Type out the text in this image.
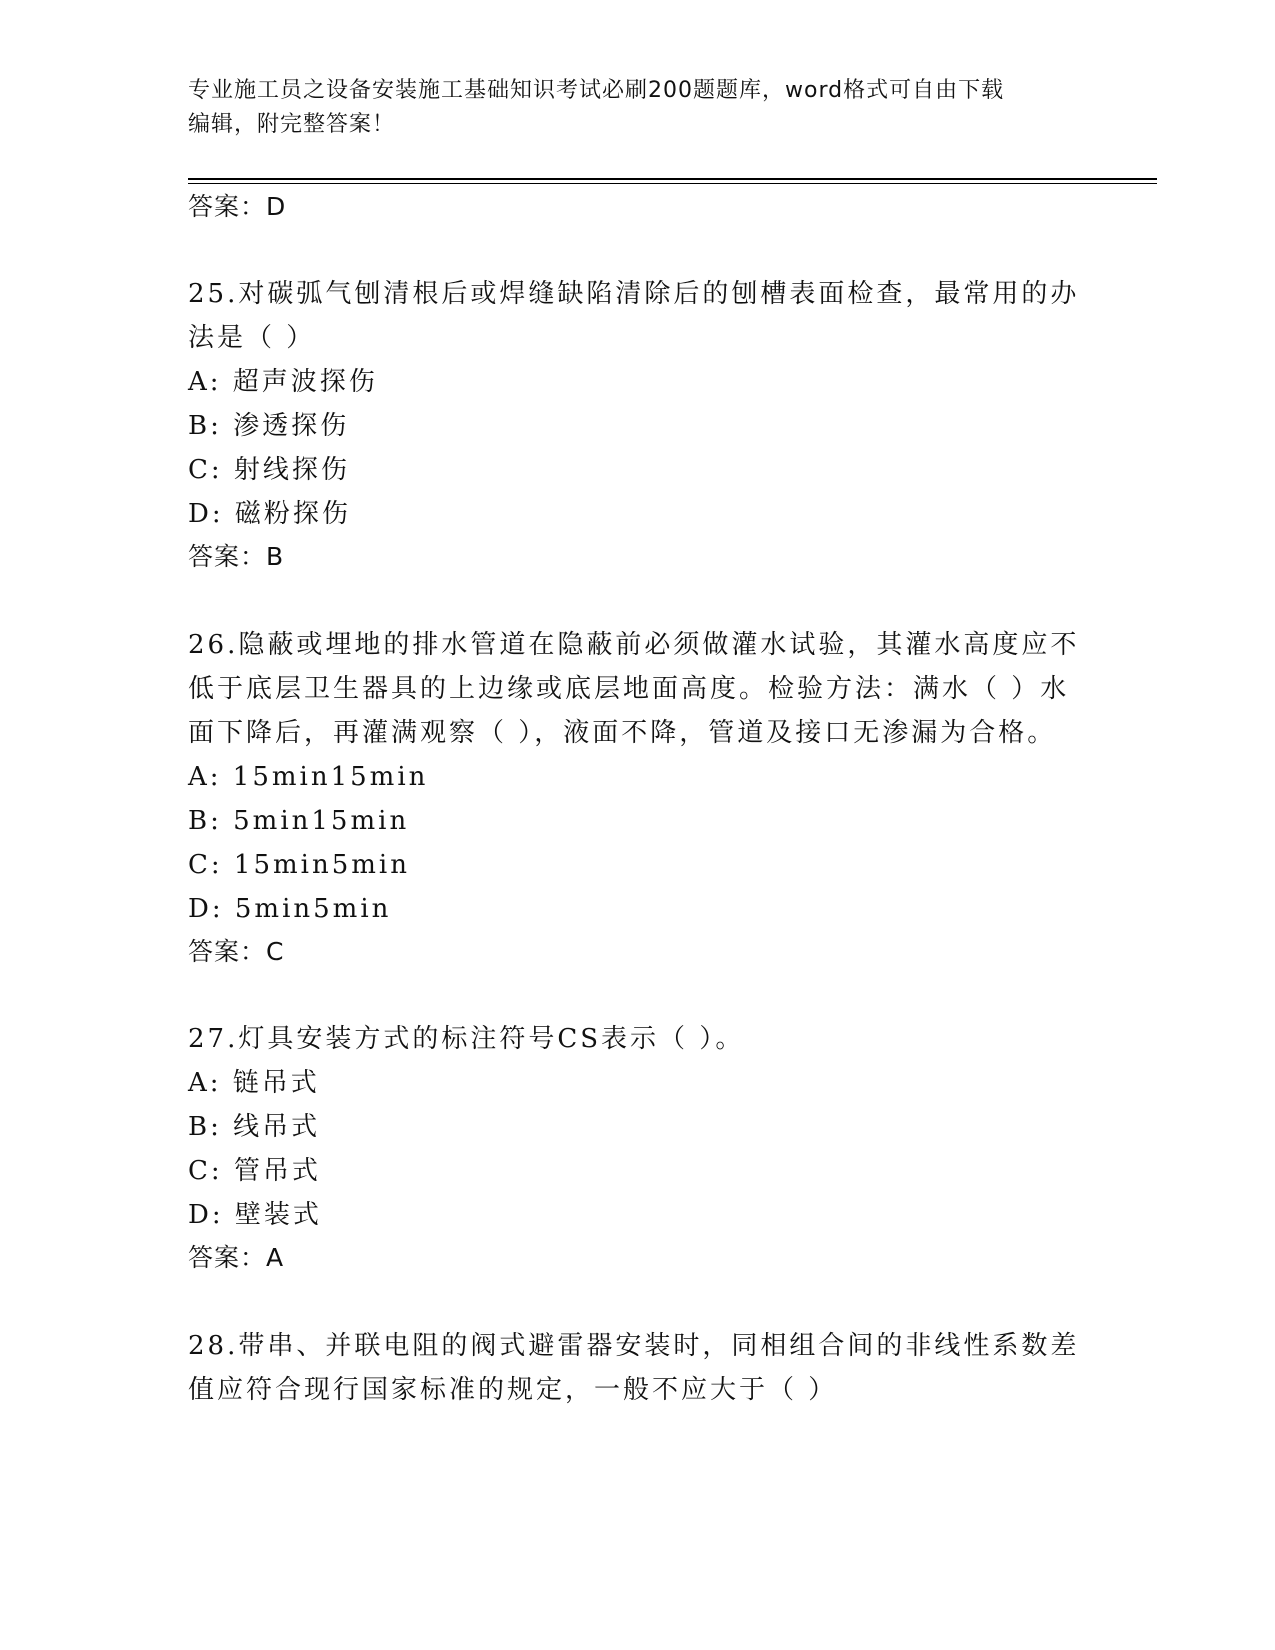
专业施工员之设备安装施工基础知识考试必刷200题题库，word格式可自由下载
编辑，附完整答案！
答案：D
25.对碳弧气刨清根后或焊缝缺陷清除后的刨槽表面检查，最常用的办
法是（ ）
A: 超声波探伤
B: 渗透探伤
C: 射线探伤
D: 磁粉探伤
答案：B
26.隐蔽或埋地的排水管道在隐蔽前必须做灌水试验，其灌水高度应不
低于底层卫生器具的上边缘或底层地面高度。检验方法：满水（ ）水
面下降后，再灌满观察（ ），液面不降，管道及接口无渗漏为合格。
A: 15min15min
B: 5min15min
C: 15min5min
D: 5min5min
答案：C
27.灯具安装方式的标注符号CS表示（ ）。
A: 链吊式
B: 线吊式
C: 管吊式
D: 壁装式
答案：A
28.带串、并联电阻的阀式避雷器安装时，同相组合间的非线性系数差
值应符合现行国家标准的规定，一般不应大于（ ）
